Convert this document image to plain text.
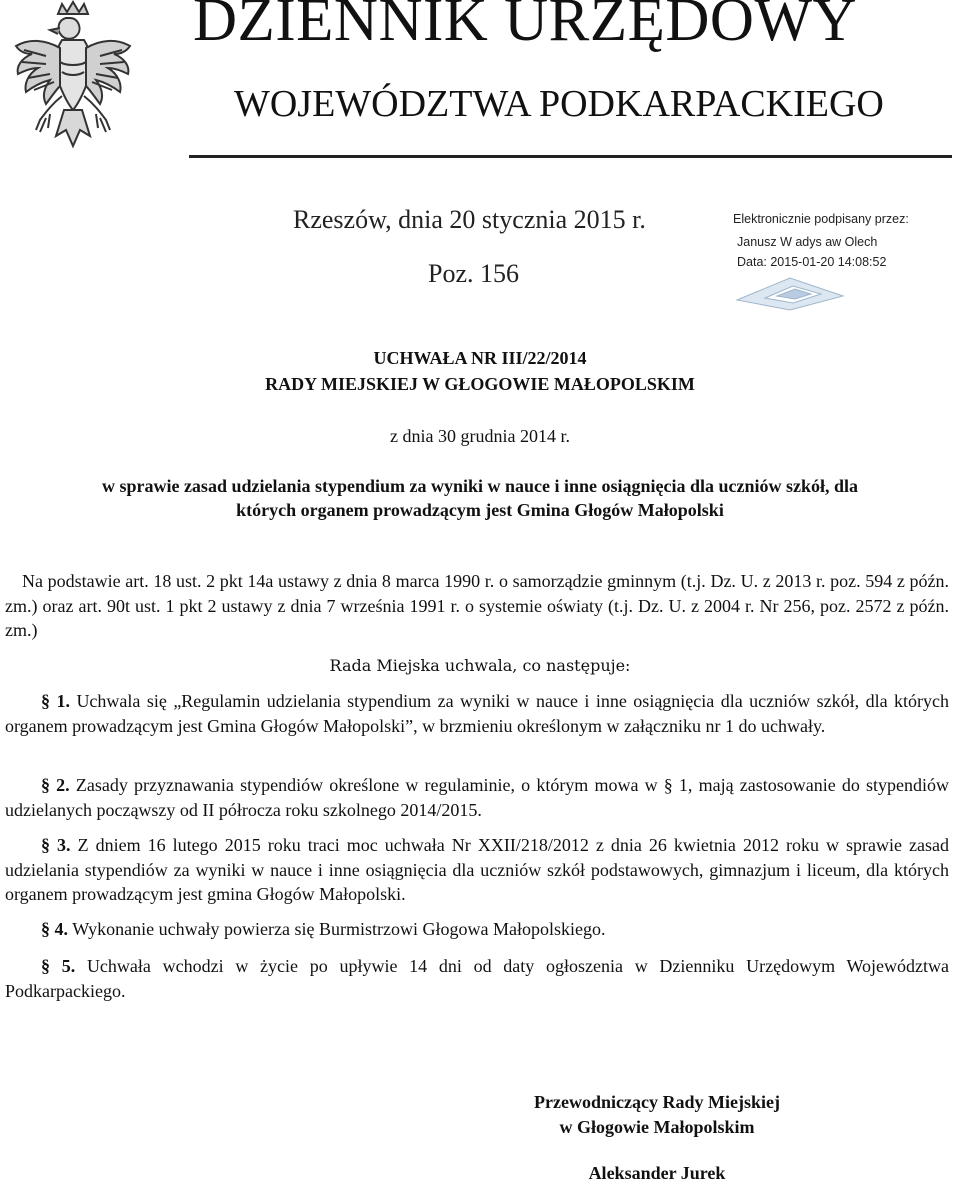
DZIENNIK URZĘDOWY
WOJEWÓDZTWA PODKARPACKIEGO
Rzeszów, dnia 20 stycznia 2015 r.
Poz. 156
Elektronicznie podpisany przez:
Janusz W adys aw Olech
Data: 2015-01-20 14:08:52
UCHWAŁA NR III/22/2014
RADY MIEJSKIEJ W GŁOGOWIE MAŁOPOLSKIM
z dnia 30 grudnia 2014 r.
w sprawie zasad udzielania stypendium za wyniki w nauce i inne osiągnięcia dla uczniów szkół, dla
których organem prowadzącym jest Gmina Głogów Małopolski
Na podstawie art. 18 ust. 2 pkt 14a ustawy z dnia 8 marca 1990 r. o samorządzie gminnym (t.j. Dz. U. z 2013 r. poz. 594 z późn. zm.) oraz art. 90t ust. 1 pkt 2 ustawy z dnia 7 września 1991 r. o systemie oświaty (t.j. Dz. U. z 2004 r. Nr 256, poz. 2572 z późn. zm.)
Rada Miejska uchwala, co następuje:
§ 1. Uchwala się „Regulamin udzielania stypendium za wyniki w nauce i inne osiągnięcia dla uczniów szkół, dla których organem prowadzącym jest Gmina Głogów Małopolski”, w brzmieniu określonym w załączniku nr 1 do uchwały.
§ 2. Zasady przyznawania stypendiów określone w regulaminie, o którym mowa w § 1, mają zastosowanie do stypendiów udzielanych począwszy od II półrocza roku szkolnego 2014/2015.
§ 3. Z dniem 16 lutego 2015 roku traci moc uchwała Nr XXII/218/2012 z dnia 26 kwietnia 2012 roku w sprawie zasad udzielania stypendiów za wyniki w nauce i inne osiągnięcia dla uczniów szkół podstawowych, gimnazjum i liceum, dla których organem prowadzącym jest gmina Głogów Małopolski.
§ 4. Wykonanie uchwały powierza się Burmistrzowi Głogowa Małopolskiego.
§ 5. Uchwała wchodzi w życie po upływie 14 dni od daty ogłoszenia w Dzienniku Urzędowym Województwa Podkarpackiego.
Przewodniczący Rady Miejskiej
w Głogowie Małopolskim
Aleksander Jurek
